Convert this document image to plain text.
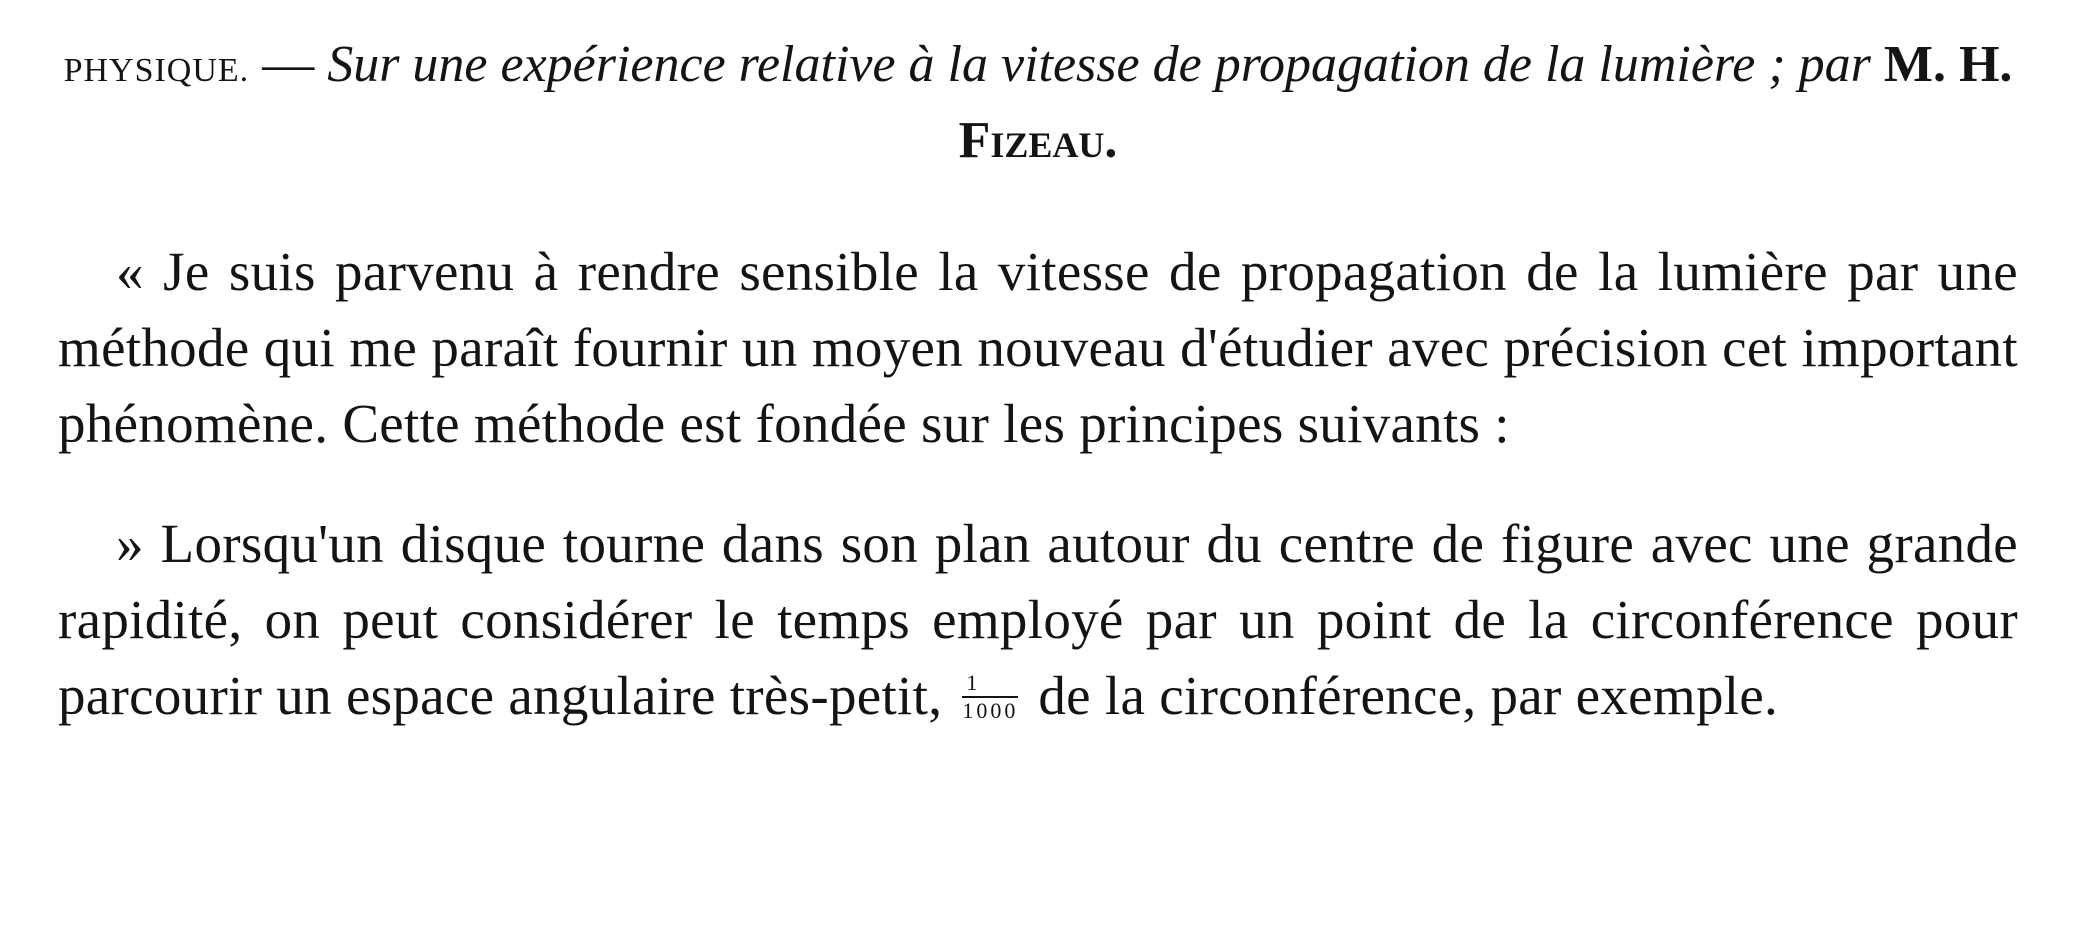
PHYSIQUE. — Sur une expérience relative à la vitesse de propagation de la lumière ; par M. H. Fizeau.

« Je suis parvenu à rendre sensible la vitesse de propagation de la lumière par une méthode qui me paraît fournir un moyen nouveau d'étudier avec précision cet important phénomène. Cette méthode est fondée sur les principes suivants :

» Lorsqu'un disque tourne dans son plan autour du centre de figure avec une grande rapidité, on peut considérer le temps employé par un point de la circonférence pour parcourir un espace angulaire très-petit, $\frac{1}{1000}$ de la circonférence, par exemple.
